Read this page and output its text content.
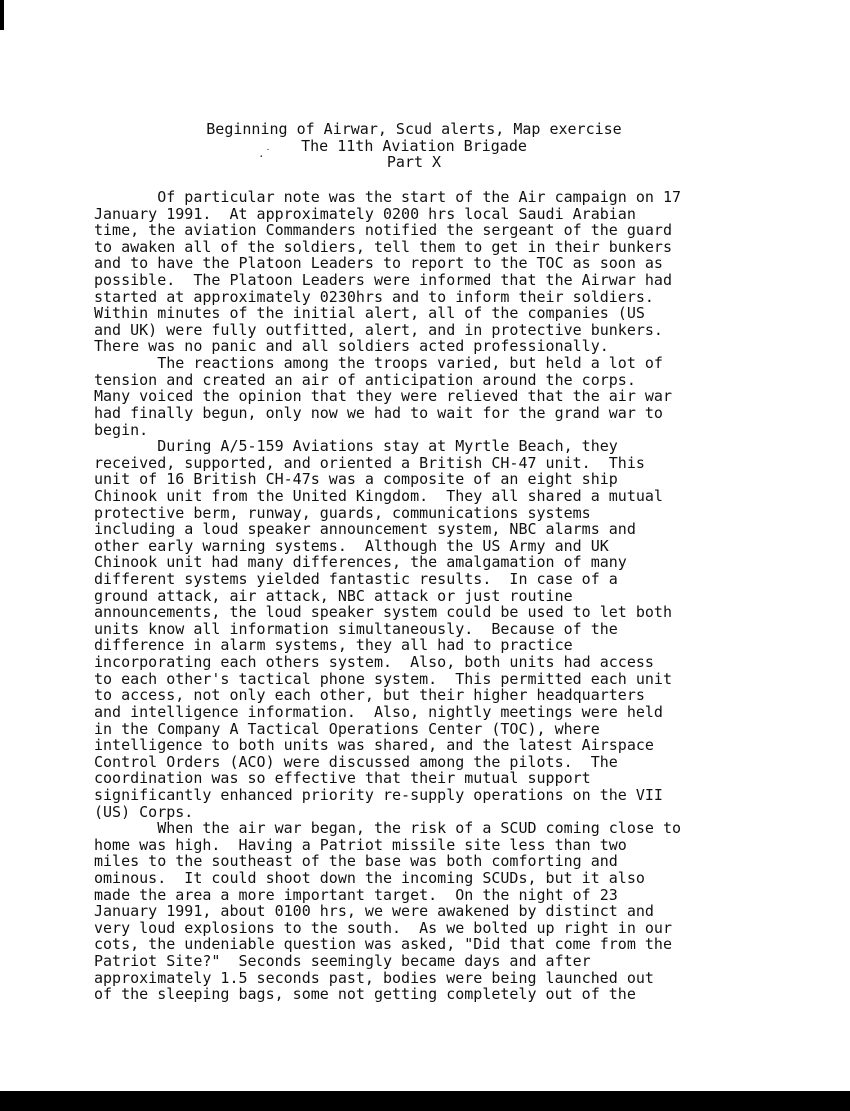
Beginning of Airwar, Scud alerts, Map exercise
The 11th Aviation Brigade
Part X
.˙
Of particular note was the start of the Air campaign on 17
January 1991.  At approximately 0200 hrs local Saudi Arabian
time, the aviation Commanders notified the sergeant of the guard
to awaken all of the soldiers, tell them to get in their bunkers
and to have the Platoon Leaders to report to the TOC as soon as
possible.  The Platoon Leaders were informed that the Airwar had
started at approximately 0230hrs and to inform their soldiers.
Within minutes of the initial alert, all of the companies (US
and UK) were fully outfitted, alert, and in protective bunkers.
There was no panic and all soldiers acted professionally.
The reactions among the troops varied, but held a lot of
tension and created an air of anticipation around the corps.
Many voiced the opinion that they were relieved that the air war
had finally begun, only now we had to wait for the grand war to
begin.
During A/5-159 Aviations stay at Myrtle Beach, they
received, supported, and oriented a British CH-47 unit.  This
unit of 16 British CH-47s was a composite of an eight ship
Chinook unit from the United Kingdom.  They all shared a mutual
protective berm, runway, guards, communications systems
including a loud speaker announcement system, NBC alarms and
other early warning systems.  Although the US Army and UK
Chinook unit had many differences, the amalgamation of many
different systems yielded fantastic results.  In case of a
ground attack, air attack, NBC attack or just routine
announcements, the loud speaker system could be used to let both
units know all information simultaneously.  Because of the
difference in alarm systems, they all had to practice
incorporating each others system.  Also, both units had access
to each other's tactical phone system.  This permitted each unit
to access, not only each other, but their higher headquarters
and intelligence information.  Also, nightly meetings were held
in the Company A Tactical Operations Center (TOC), where
intelligence to both units was shared, and the latest Airspace
Control Orders (ACO) were discussed among the pilots.  The
coordination was so effective that their mutual support
significantly enhanced priority re-supply operations on the VII
(US) Corps.
When the air war began, the risk of a SCUD coming close to
home was high.  Having a Patriot missile site less than two
miles to the southeast of the base was both comforting and
ominous.  It could shoot down the incoming SCUDs, but it also
made the area a more important target.  On the night of 23
January 1991, about 0100 hrs, we were awakened by distinct and
very loud explosions to the south.  As we bolted up right in our
cots, the undeniable question was asked, "Did that come from the
Patriot Site?"  Seconds seemingly became days and after
approximately 1.5 seconds past, bodies were being launched out
of the sleeping bags, some not getting completely out of the
